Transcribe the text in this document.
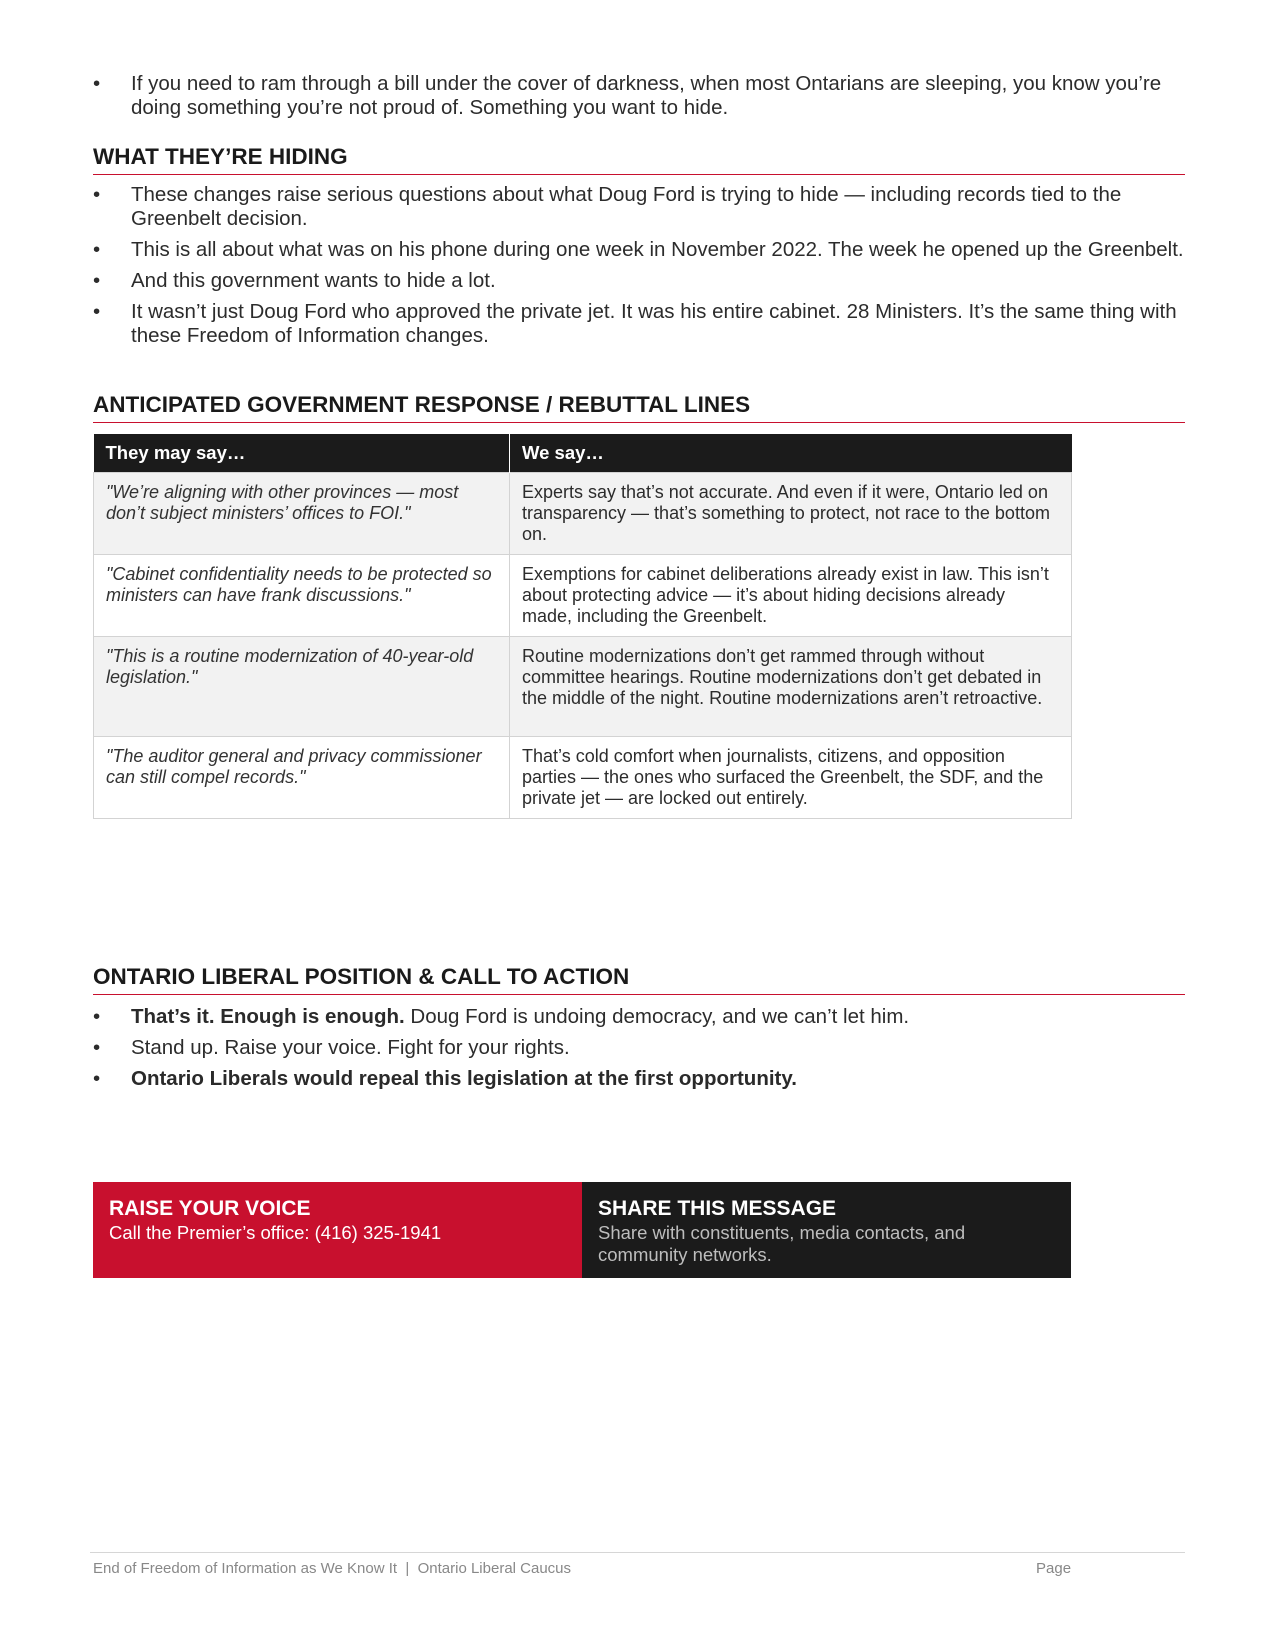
• If you need to ram through a bill under the cover of darkness, when most Ontarians are sleeping, you know you’re doing something you’re not proud of. Something you want to hide.
WHAT THEY’RE HIDING
• These changes raise serious questions about what Doug Ford is trying to hide — including records tied to the Greenbelt decision.
• This is all about what was on his phone during one week in November 2022. The week he opened up the Greenbelt.
• And this government wants to hide a lot.
• It wasn’t just Doug Ford who approved the private jet. It was his entire cabinet. 28 Ministers. It’s the same thing with these Freedom of Information changes.
ANTICIPATED GOVERNMENT RESPONSE / REBUTTAL LINES
They may say…	We say…
"We’re aligning with other provinces — most don’t subject ministers’ offices to FOI."	Experts say that’s not accurate. And even if it were, Ontario led on transparency — that’s something to protect, not race to the bottom on.
"Cabinet confidentiality needs to be protected so ministers can have frank discussions."	Exemptions for cabinet deliberations already exist in law. This isn’t about protecting advice — it’s about hiding decisions already made, including the Greenbelt.
"This is a routine modernization of 40-year-old legislation."	Routine modernizations don’t get rammed through without committee hearings. Routine modernizations don’t get debated in the middle of the night. Routine modernizations aren’t retroactive.
"The auditor general and privacy commissioner can still compel records."	That’s cold comfort when journalists, citizens, and opposition parties — the ones who surfaced the Greenbelt, the SDF, and the private jet — are locked out entirely.
ONTARIO LIBERAL POSITION & CALL TO ACTION
• That’s it. Enough is enough. Doug Ford is undoing democracy, and we can’t let him.
• Stand up. Raise your voice. Fight for your rights.
• Ontario Liberals would repeal this legislation at the first opportunity.
RAISE YOUR VOICE
Call the Premier’s office: (416) 325-1941
SHARE THIS MESSAGE
Share with constituents, media contacts, and community networks.
End of Freedom of Information as We Know It  |  Ontario Liberal Caucus	Page
